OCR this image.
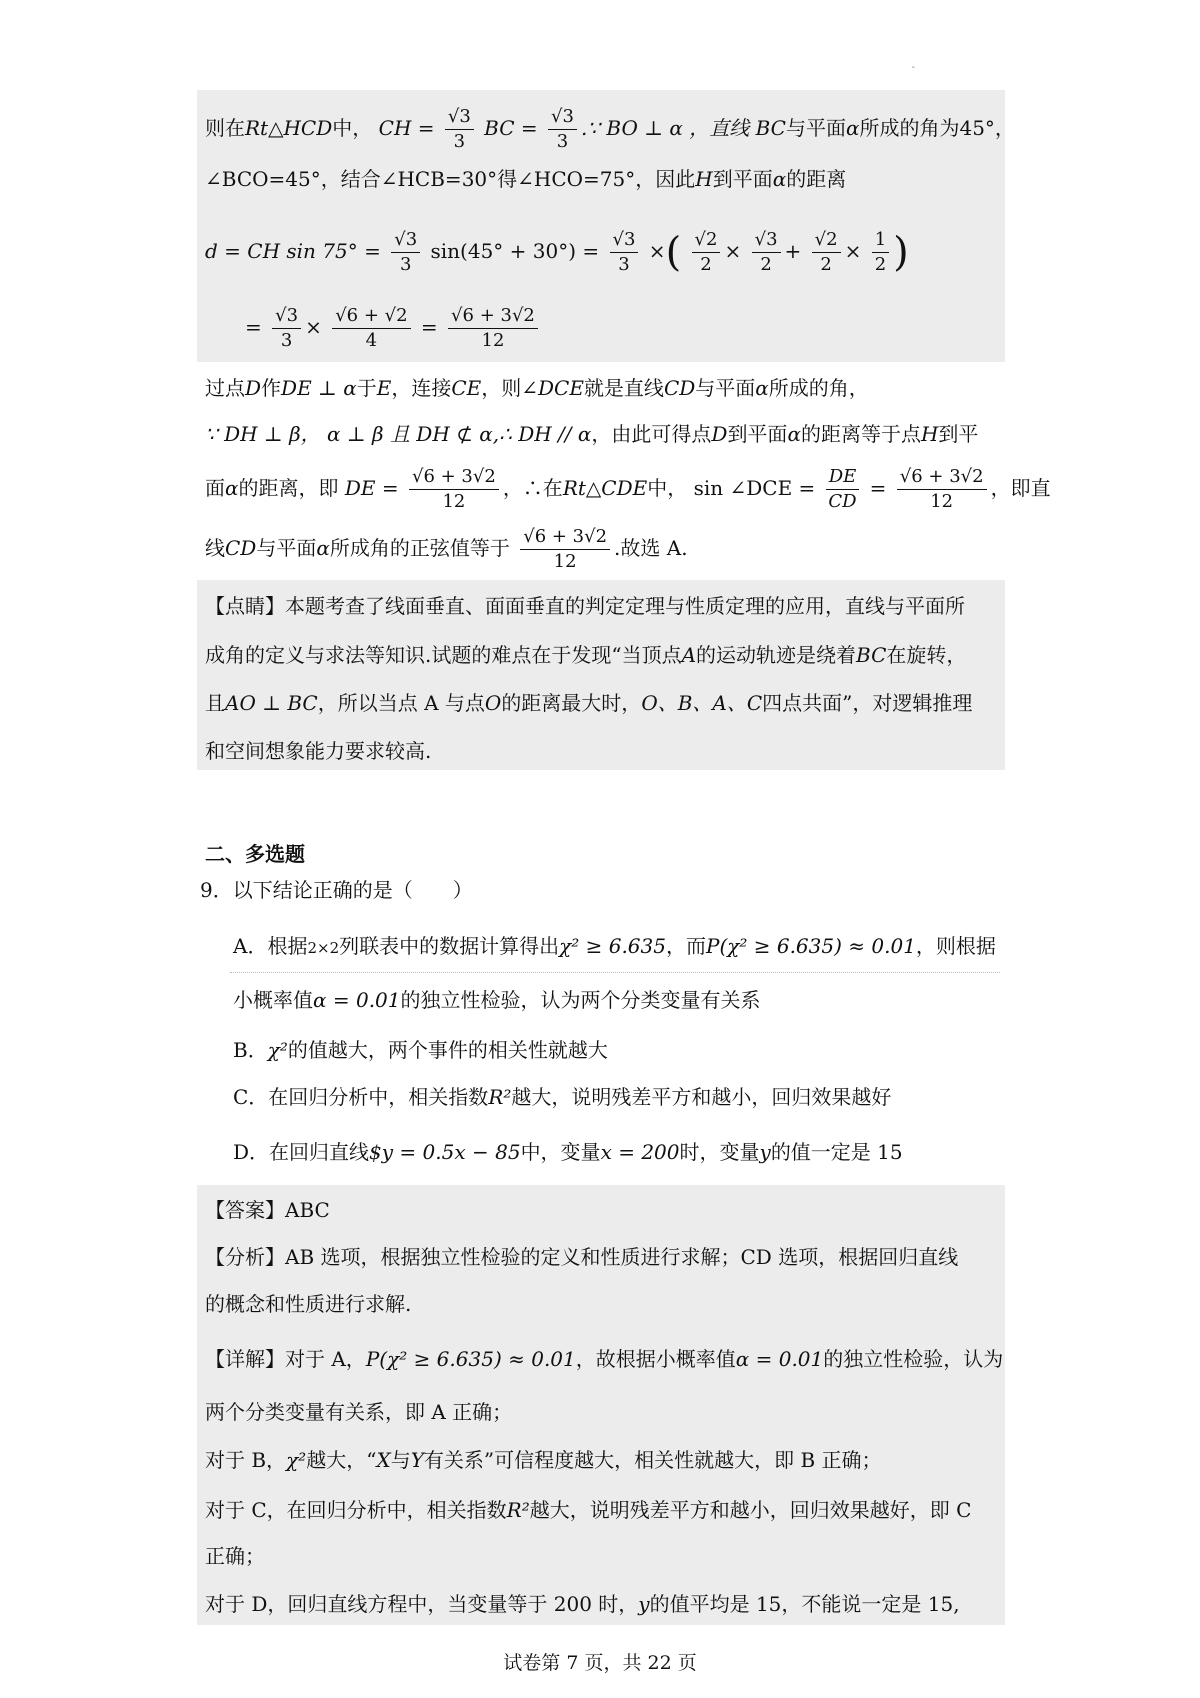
-
则在Rt△HCD中， CH = $\frac{√3}{3}$ BC = $\frac{√3}{3}$ .∵ BO ⊥ α ，直线 BC与平面α所成的角为45°，
∠BCO=45°，结合∠HCB=30°得∠HCO=75°，因此H到平面α的距离
d = CH $\sin 75^\circ = \frac{√3}{3} \sin(45^\circ + 30^\circ) = \frac{√3}{3}$ ×( $\frac{√2}{2} \times \frac{√3}{2} + \frac{√2}{2} \times \frac{1}{2}$ )
= $\frac{√3}{3} \times \frac{√6 + √2}{4} = \frac{√6 + 3√2}{12}$
过点D作DE ⊥ α于E，连接CE，则∠DCE就是直线CD与平面α所成的角，
∵ DH ⊥ β， α ⊥ β 且 DH ⊄ α,∴ DH // α，由此可得点D到平面α的距离等于点H到平
面α的距离，即 DE = $\frac{√6 + 3√2}{12}$ ，∴在Rt△CDE中， sin ∠DCE = $\frac{DE}{CD} = \frac{√6 + 3√2}{12}$ ，即直
线CD与平面α所成角的正弦值等于 $\frac{√6 + 3√2}{12}$ .故选 A.
【点睛】本题考查了线面垂直、面面垂直的判定定理与性质定理的应用，直线与平面所
成角的定义与求法等知识.试题的难点在于发现“当顶点A的运动轨迹是绕着BC在旋转，
且AO ⊥ BC，所以当点 A 与点O的距离最大时，O、B、A、C四点共面”，对逻辑推理
和空间想象能力要求较高.
二、多选题
9．以下结论正确的是（　　）
A．根据2×2列联表中的数据计算得出χ² ≥ 6.635，而P(χ² ≥ 6.635) ≈ 0.01，则根据
小概率值α = 0.01的独立性检验，认为两个分类变量有关系
B．χ²的值越大，两个事件的相关性就越大
C．在回归分析中，相关指数R²越大，说明残差平方和越小，回归效果越好
D．在回归直线$y = 0.5x − 85中，变量x = 200时，变量y的值一定是 15
【答案】ABC
【分析】AB 选项，根据独立性检验的定义和性质进行求解；CD 选项，根据回归直线
的概念和性质进行求解.
【详解】对于 A，P(χ² ≥ 6.635) ≈ 0.01，故根据小概率值α = 0.01的独立性检验，认为
两个分类变量有关系，即 A 正确；
对于 B，χ²越大，“X与Y有关系”可信程度越大，相关性就越大，即 B 正确；
对于 C，在回归分析中，相关指数R²越大，说明残差平方和越小，回归效果越好，即 C
正确；
对于 D，回归直线方程中，当变量等于 200 时，y的值平均是 15，不能说一定是 15,
试卷第 7 页，共 22 页
